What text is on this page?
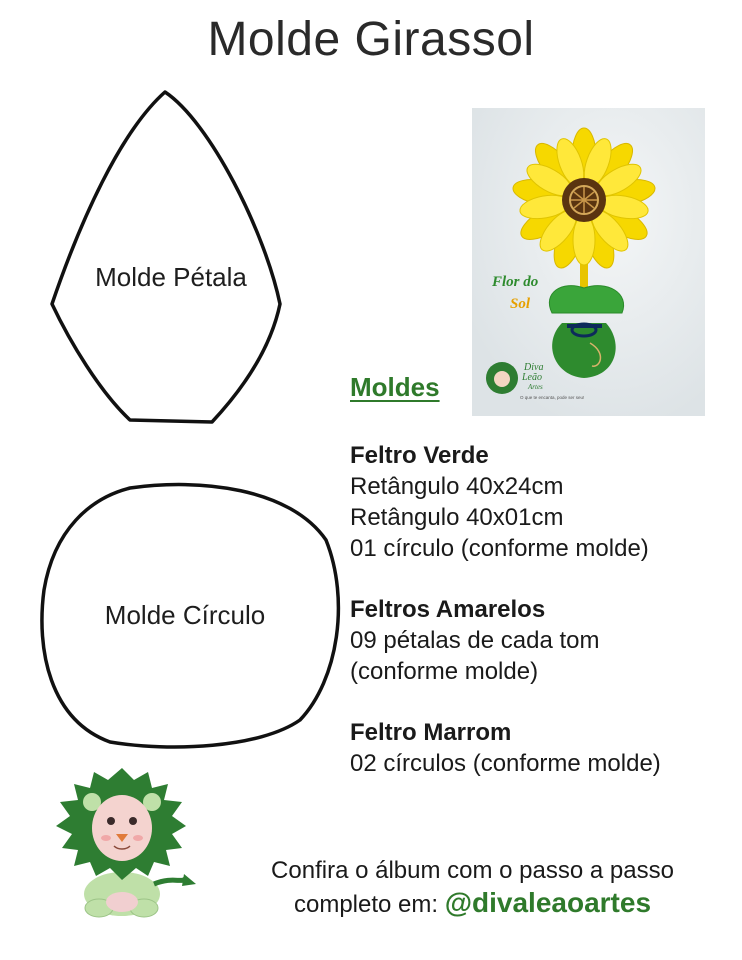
Molde Girassol
Molde Pétala
Molde Círculo
Flor do
Sol
Diva
Leão
Artes
O que te encanta, pode ser seu!
Moldes
Feltro Verde
Retângulo 40x24cm
Retângulo 40x01cm
01 círculo (conforme molde)
Feltros Amarelos
09 pétalas de cada tom
(conforme molde)
Feltro Marrom
02 círculos (conforme molde)
Confira o álbum com o passo a passo
completo em: @divaleaoartes
